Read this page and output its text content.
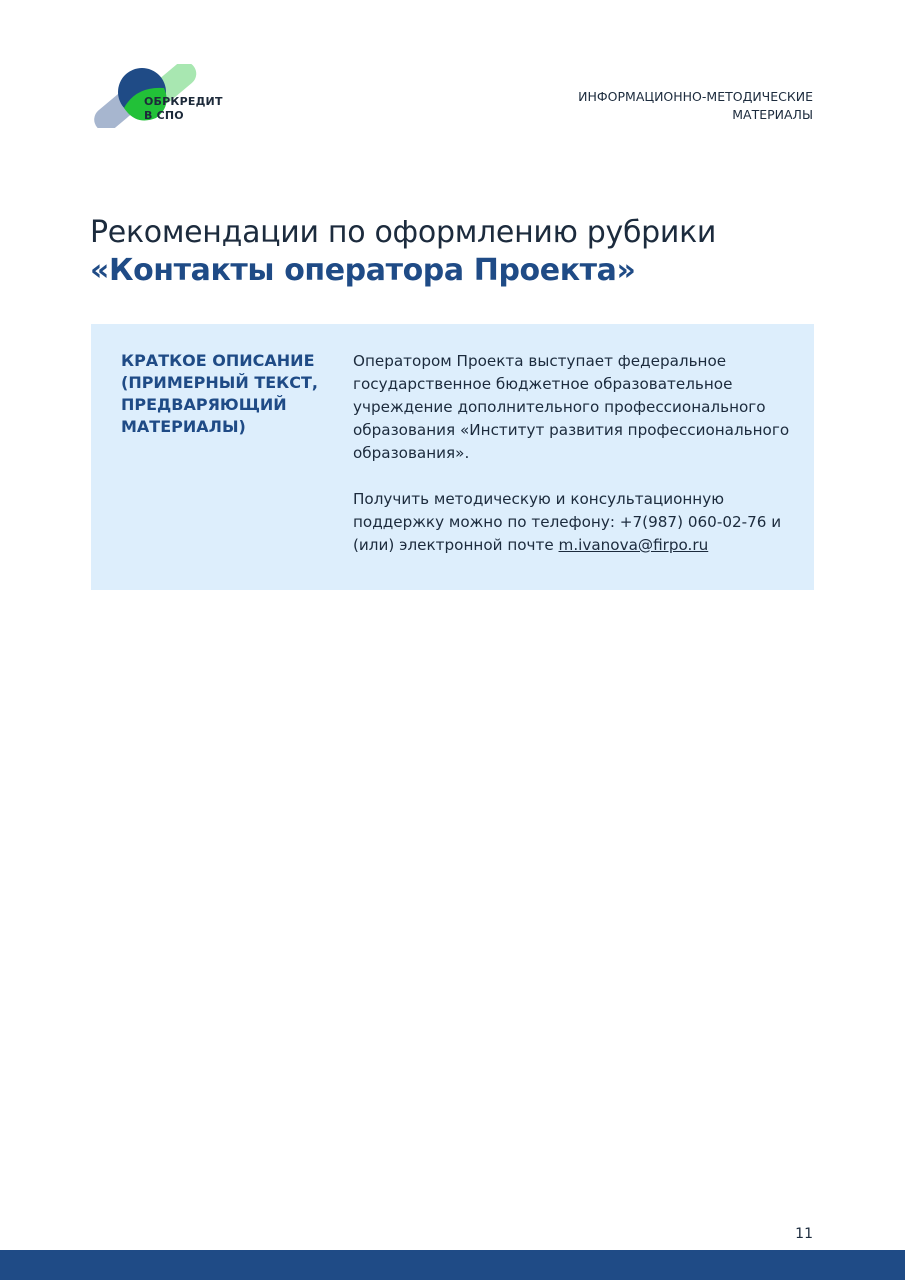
ОБРКРЕДИТ
В СПО
ИНФОРМАЦИОННО-МЕТОДИЧЕСКИЕ
МАТЕРИАЛЫ
Рекомендации по оформлению рубрики
«Контакты оператора Проекта»
КРАТКОЕ ОПИСАНИЕ (ПРИМЕРНЫЙ ТЕКСТ, ПРЕДВАРЯЮЩИЙ МАТЕРИАЛЫ)

Оператором Проекта выступает федеральное государственное бюджетное образовательное учреждение дополнительного профессионального образования «Институт развития профессионального образования».

Получить методическую и консультационную поддержку можно по телефону: +7(987) 060-02-76 и (или) электронной почте m.ivanova@firpo.ru

11
